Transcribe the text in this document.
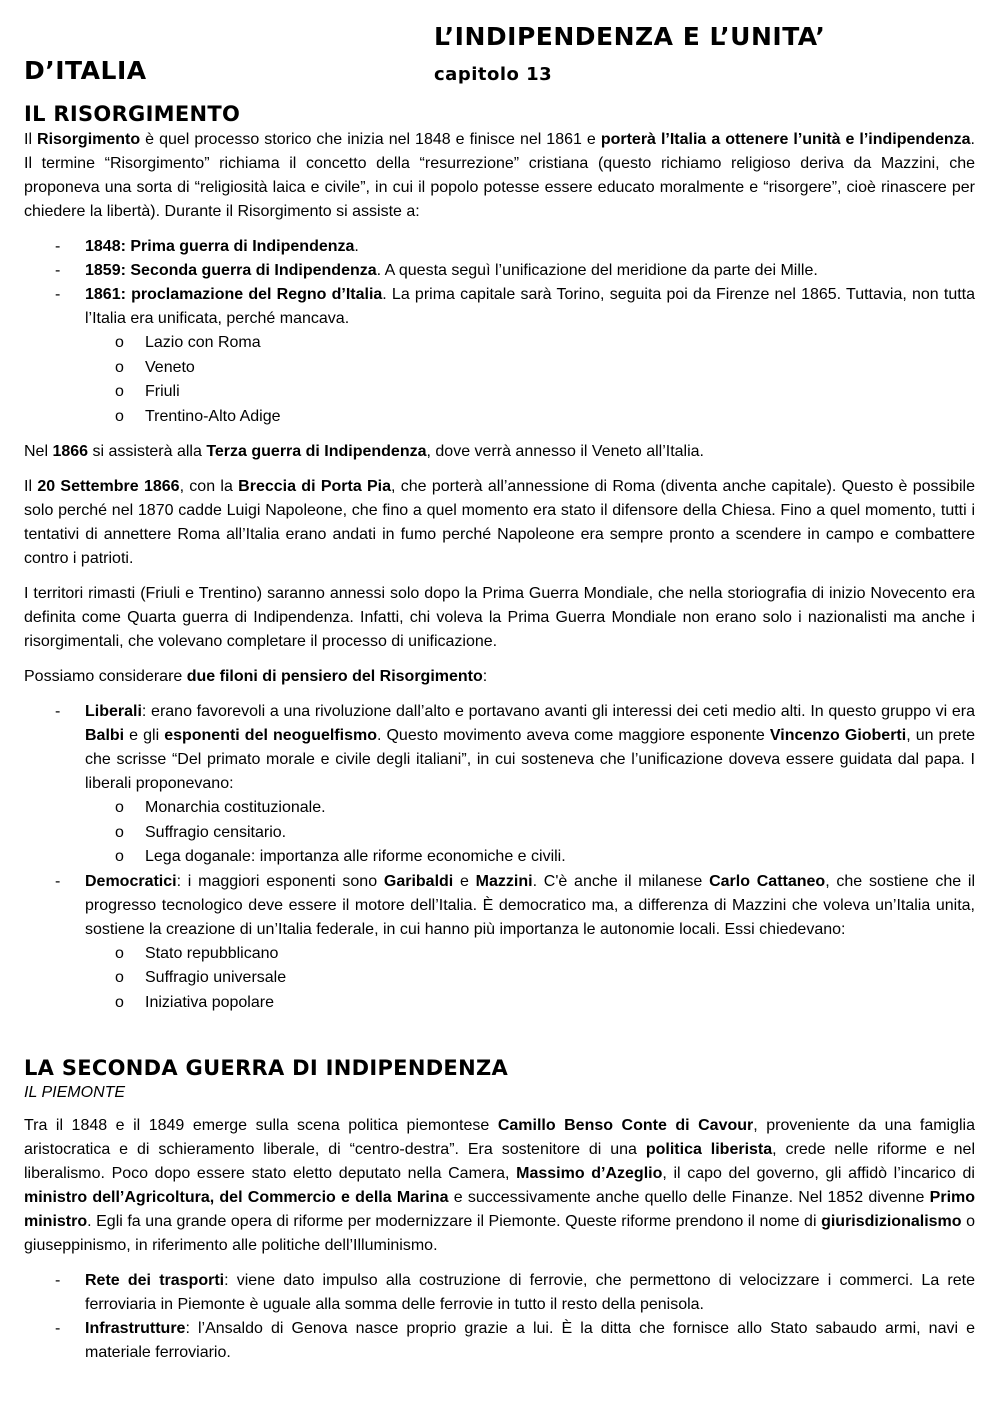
L’INDIPENDENZA E L’UNITA’
D’ITALIA	capitolo 13
IL RISORGIMENTO

Il Risorgimento è quel processo storico che inizia nel 1848 e finisce nel 1861 e porterà l’Italia a ottenere l’unità e l’indipendenza. Il termine “Risorgimento” richiama il concetto della “resurrezione” cristiana (questo richiamo religioso deriva da Mazzini, che proponeva una sorta di “religiosità laica e civile”, in cui il popolo potesse essere educato moralmente e “risorgere”, cioè rinascere per chiedere la libertà). Durante il Risorgimento si assiste a:

- 1848: Prima guerra di Indipendenza.
- 1859: Seconda guerra di Indipendenza. A questa seguì l’unificazione del meridione da parte dei Mille.
- 1861: proclamazione del Regno d’Italia. La prima capitale sarà Torino, seguita poi da Firenze nel 1865. Tuttavia, non tutta l’Italia era unificata, perché mancava.
o Lazio con Roma
o Veneto
o Friuli
o Trentino-Alto Adige

Nel 1866 si assisterà alla Terza guerra di Indipendenza, dove verrà annesso il Veneto all’Italia.

Il 20 Settembre 1866, con la Breccia di Porta Pia, che porterà all’annessione di Roma (diventa anche capitale). Questo è possibile solo perché nel 1870 cadde Luigi Napoleone, che fino a quel momento era stato il difensore della Chiesa. Fino a quel momento, tutti i tentativi di annettere Roma all’Italia erano andati in fumo perché Napoleone era sempre pronto a scendere in campo e combattere contro i patrioti.

I territori rimasti (Friuli e Trentino) saranno annessi solo dopo la Prima Guerra Mondiale, che nella storiografia di inizio Novecento era definita come Quarta guerra di Indipendenza. Infatti, chi voleva la Prima Guerra Mondiale non erano solo i nazionalisti ma anche i risorgimentali, che volevano completare il processo di unificazione.

Possiamo considerare due filoni di pensiero del Risorgimento:

- Liberali: erano favorevoli a una rivoluzione dall’alto e portavano avanti gli interessi dei ceti medio alti. In questo gruppo vi era Balbi e gli esponenti del neoguelfismo. Questo movimento aveva come maggiore esponente Vincenzo Gioberti, un prete che scrisse “Del primato morale e civile degli italiani”, in cui sosteneva che l’unificazione doveva essere guidata dal papa. I liberali proponevano:
o Monarchia costituzionale.
o Suffragio censitario.
o Lega doganale: importanza alle riforme economiche e civili.
- Democratici: i maggiori esponenti sono Garibaldi e Mazzini. C'è anche il milanese Carlo Cattaneo, che sostiene che il progresso tecnologico deve essere il motore dell’Italia. È democratico ma, a differenza di Mazzini che voleva un’Italia unita, sostiene la creazione di un’Italia federale, in cui hanno più importanza le autonomie locali. Essi chiedevano:
o Stato repubblicano
o Suffragio universale
o Iniziativa popolare
LA SECONDA GUERRA DI INDIPENDENZA
IL PIEMONTE

Tra il 1848 e il 1849 emerge sulla scena politica piemontese Camillo Benso Conte di Cavour, proveniente da una famiglia aristocratica e di schieramento liberale, di “centro-destra”. Era sostenitore di una politica liberista, crede nelle riforme e nel liberalismo. Poco dopo essere stato eletto deputato nella Camera, Massimo d’Azeglio, il capo del governo, gli affidò l’incarico di ministro dell’Agricoltura, del Commercio e della Marina e successivamente anche quello delle Finanze. Nel 1852 divenne Primo ministro. Egli fa una grande opera di riforme per modernizzare il Piemonte. Queste riforme prendono il nome di giurisdizionalismo o giuseppinismo, in riferimento alle politiche dell’Illuminismo.

- Rete dei trasporti: viene dato impulso alla costruzione di ferrovie, che permettono di velocizzare i commerci. La rete ferroviaria in Piemonte è uguale alla somma delle ferrovie in tutto il resto della penisola.
- Infrastrutture: l’Ansaldo di Genova nasce proprio grazie a lui. È la ditta che fornisce allo Stato sabaudo armi, navi e materiale ferroviario.
